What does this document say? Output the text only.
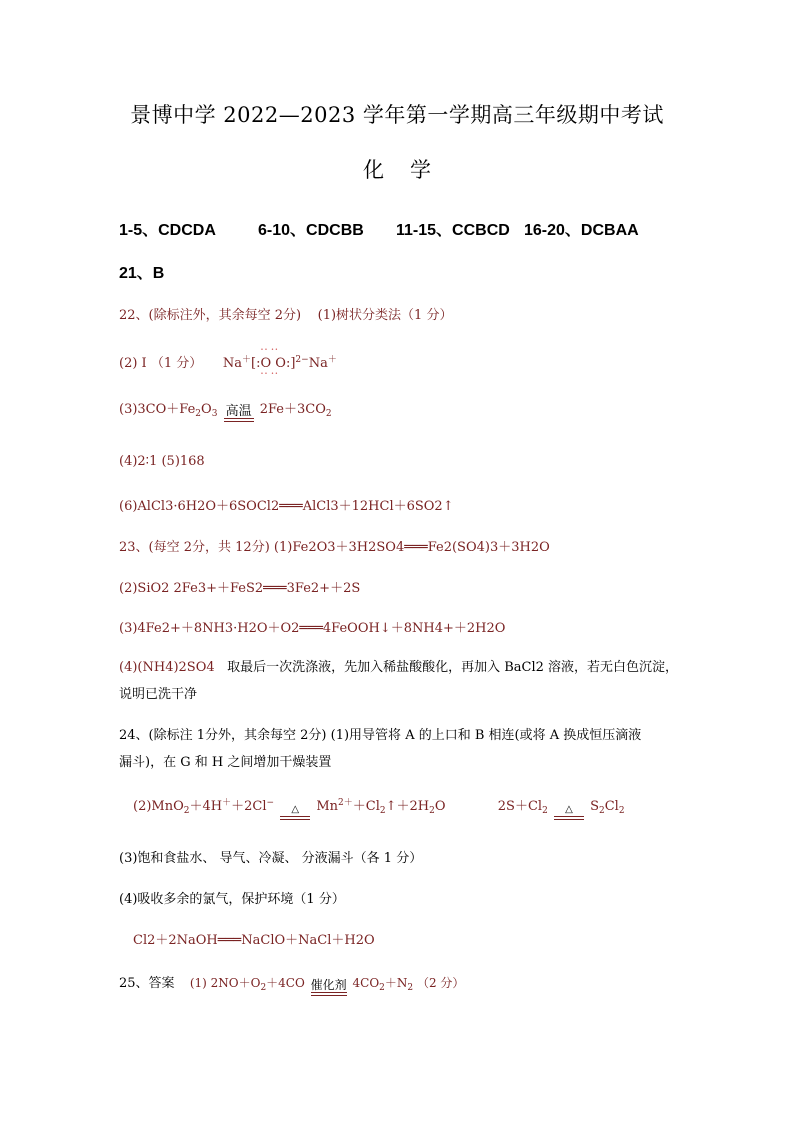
景博中学 2022—2023 学年第一学期高三年级期中考试
化 学
1-5、CDCDA	6-10、CDCBB 11-15、CCBCD 16-20、DCBAA
21、B
22、(除标注外，其余每空 2分) (1)树状分类法（1 分）
(2) I （1 分） Na＋[:•• •• O O •• ••:]$^{2-}$Na＋
$(3)3CO+Fe_2O_3$ 高温 $2Fe+3CO_2$
(4)2∶1 (5)168
(6)AlCl3·6H2O＋6SOCl2═══AlCl3＋12HCl＋6SO2↑
23、(每空 2分，共 12分) (1)Fe2O3＋3H2SO4═══Fe2(SO4)3＋3H2O
(2)SiO2 2Fe3+＋FeS2═══3Fe2+＋2S
(3)4Fe2+＋8NH3·H2O＋O2═══4FeOOH↓＋8NH4+＋2H2O
(4)(NH4)2SO4 取最后一次洗涤液，先加入稀盐酸酸化，再加入 BaCl2 溶液，若无白色沉淀，
说明已洗干净
24、(除标注 1分外，其余每空 2分) (1)用导管将 A 的上口和 B 相连(或将 A 换成恒压滴液
漏斗)，在 G 和 H 之间增加干燥装置
(2)MnO$_2$＋4H＋＋2Cl−
△	$Mn^{2+}+Cl_2↑+2H_2O$	$2S+Cl_2$	△	$S_2Cl_2$
(3)饱和食盐水、 导气、冷凝、 分液漏斗（各 1 分）
(4)吸收多余的氯气，保护环境（1 分）
Cl2＋2NaOH═══NaClO＋NaCl＋H2O
25、答案 (1) $2NO+O_2+4CO$ 催化剂 $4CO_2+N_2$ （2 分）
